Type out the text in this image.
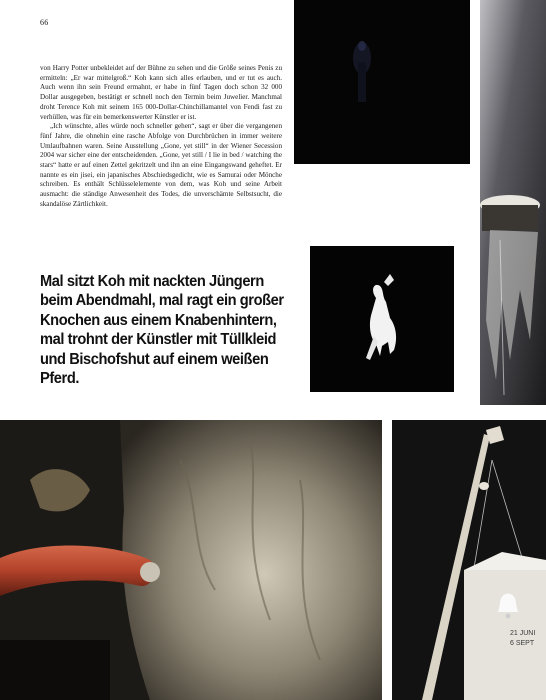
66

von Harry Potter unbekleidet auf der Bühne zu sehen und die Größe seines Penis zu ermitteln: „Er war mittelgroß.“ Koh kann sich alles erlauben, und er tut es auch. Auch wenn ihn sein Freund ermahnt, er habe in fünf Tagen doch schon 32 000 Dollar ausgegeben, bestätigt er schnell noch den Termin beim Juwelier. Manchmal droht Terence Koh mit seinem 165 000-Dollar-Chinchillamantel von Fendi fast zu verhüllen, was für ein bemerkenswerter Künstler er ist.

„Ich wünschte, alles würde noch schneller gehen“, sagt er über die vergangenen fünf Jahre, die ohnehin eine rasche Abfolge von Durchbrüchen in immer weitere Umlaufbahnen waren. Seine Ausstellung „Gone, yet still“ in der Wiener Secession 2004 war sicher eine der entscheidenden. „Gone, yet still / I lie in bed / watching the stars“ hatte er auf einen Zettel gekritzelt und ihn an eine Eingangswand geheftet. Er nannte es ein jisei, ein japanisches Abschiedsgedicht, wie es Samurai oder Mönche schreiben. Es enthält Schlüsselelemente von dem, was Koh und seine Arbeit ausmacht: die ständige Anwesenheit des Todes, die unverschämte Selbstsucht, die skandalöse Zärtlichkeit.

Mal sitzt Koh mit nackten Jüngern beim Abendmahl, mal ragt ein großer Knochen aus einem Knabenhintern, mal trohnt der Künstler mit Tüllkleid und Bischofshut auf einem weißen Pferd.
21 JUNI
6 SEPT
